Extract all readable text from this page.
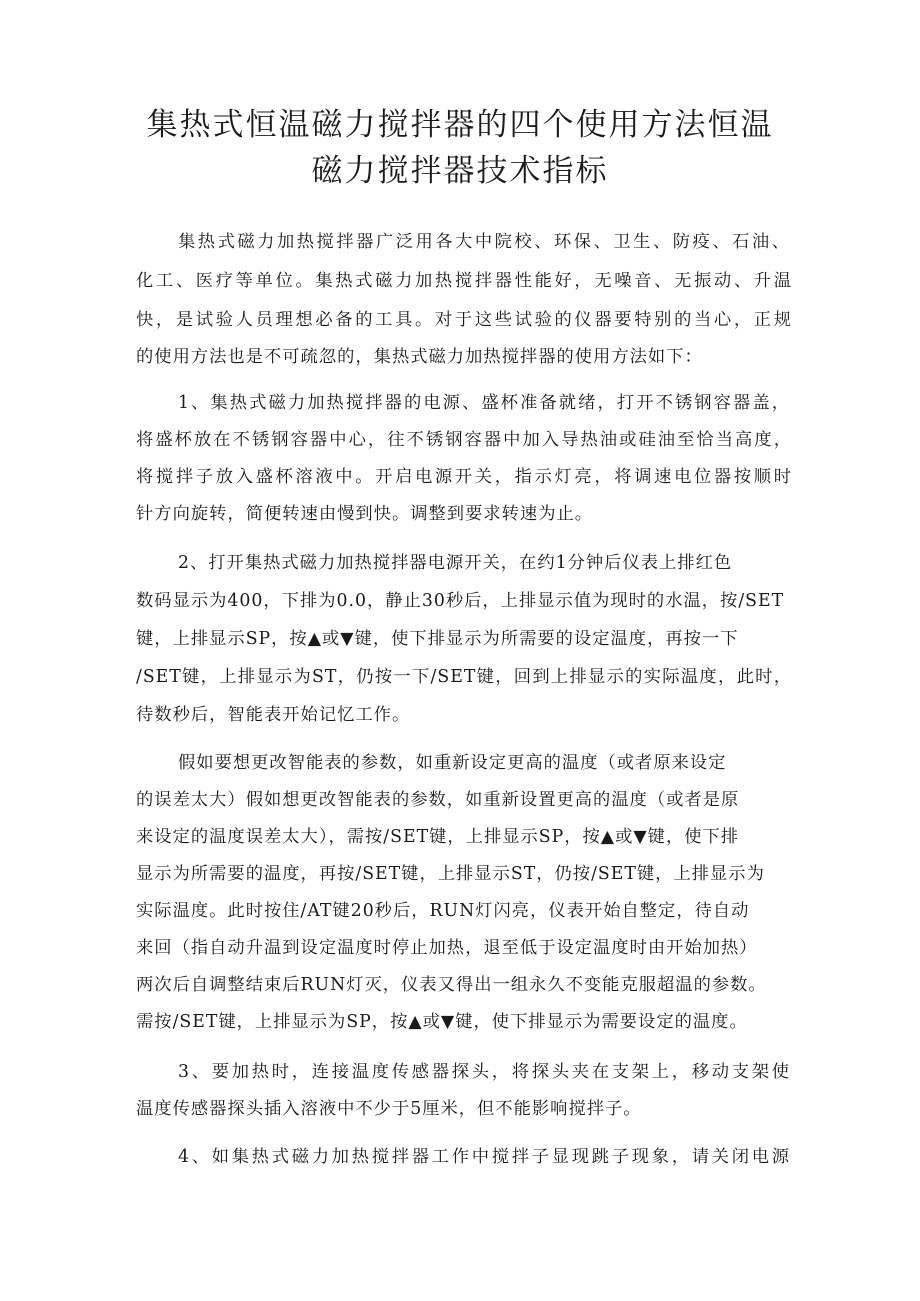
集热式恒温磁力搅拌器的四个使用方法恒温
磁力搅拌器技术指标
集热式磁力加热搅拌器广泛用各大中院校、环保、卫生、防疫、石油、
化工、医疗等单位。集热式磁力加热搅拌器性能好，无噪音、无振动、升温
快，是试验人员理想必备的工具。对于这些试验的仪器要特别的当心，正规
的使用方法也是不可疏忽的，集热式磁力加热搅拌器的使用方法如下：
1、集热式磁力加热搅拌器的电源、盛杯准备就绪，打开不锈钢容器盖，
将盛杯放在不锈钢容器中心，往不锈钢容器中加入导热油或硅油至恰当高度，
将搅拌子放入盛杯溶液中。开启电源开关，指示灯亮，将调速电位器按顺时
针方向旋转，简便转速由慢到快。调整到要求转速为止。
2、打开集热式磁力加热搅拌器电源开关，在约1分钟后仪表上排红色
数码显示为400，下排为0.0，静止30秒后，上排显示值为现时的水温，按/SET
键，上排显示SP，按▲或▼键，使下排显示为所需要的设定温度，再按一下
/SET键，上排显示为ST，仍按一下/SET键，回到上排显示的实际温度，此时，
待数秒后，智能表开始记忆工作。
假如要想更改智能表的参数，如重新设定更高的温度（或者原来设定
的误差太大）假如想更改智能表的参数，如重新设置更高的温度（或者是原
来设定的温度误差太大），需按/SET键，上排显示SP，按▲或▼键，使下排
显示为所需要的温度，再按/SET键，上排显示ST，仍按/SET键，上排显示为
实际温度。此时按住/AT键20秒后，RUN灯闪亮，仪表开始自整定，待自动
来回（指自动升温到设定温度时停止加热，退至低于设定温度时由开始加热）
两次后自调整结束后RUN灯灭，仪表又得出一组永久不变能克服超温的参数。
需按/SET键，上排显示为SP，按▲或▼键，使下排显示为需要设定的温度。
3、要加热时，连接温度传感器探头，将探头夹在支架上，移动支架使
温度传感器探头插入溶液中不少于5厘米，但不能影响搅拌子。
4、如集热式磁力加热搅拌器工作中搅拌子显现跳子现象，请关闭电源
